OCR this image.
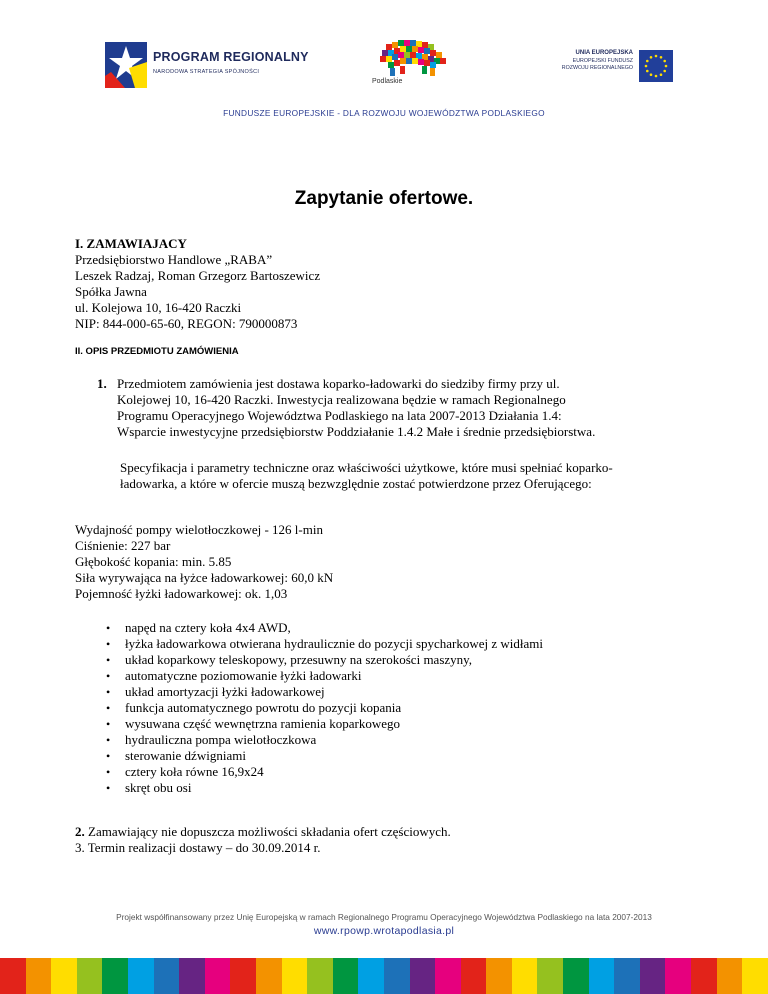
PROGRAM REGIONALNY
NARODOWA STRATEGIA SPÓJNOŚCI
Podlaskie
UNIA EUROPEJSKA
EUROPEJSKI FUNDUSZ
ROZWOJU REGIONALNEGO
FUNDUSZE EUROPEJSKIE - DLA ROZWOJU WOJEWÓDZTWA PODLASKIEGO
Zapytanie ofertowe.
I. ZAMAWIAJACY
Przedsiębiorstwo Handlowe „RABA”
Leszek Radzaj, Roman Grzegorz Bartoszewicz
Spółka Jawna
ul. Kolejowa 10, 16-420 Raczki
NIP: 844-000-65-60, REGON: 790000873
II. OPIS PRZEDMIOTU ZAMÓWIENIA
1. Przedmiotem zamówienia jest dostawa koparko-ładowarki do siedziby firmy przy ul.
Kolejowej 10, 16-420 Raczki. Inwestycja realizowana będzie w ramach Regionalnego
Programu Operacyjnego Województwa Podlaskiego na lata 2007-2013 Działania 1.4:
Wsparcie inwestycyjne przedsiębiorstw Poddziałanie 1.4.2 Małe i średnie przedsiębiorstwa.
Specyfikacja i parametry techniczne oraz właściwości użytkowe, które musi spełniać koparko-
ładowarka, a które w ofercie muszą bezwzględnie zostać potwierdzone przez Oferującego:
Wydajność pompy wielotłoczkowej - 126 l-min
Ciśnienie: 227 bar
Głębokość kopania: min. 5.85
Siła wyrywająca na łyżce ładowarkowej: 60,0 kN
Pojemność łyżki ładowarkowej: ok. 1,03
• napęd na cztery koła 4x4 AWD,
• łyżka ładowarkowa otwierana hydraulicznie do pozycji spycharkowej z widłami
• układ koparkowy teleskopowy, przesuwny na szerokości maszyny,
• automatyczne poziomowanie łyżki ładowarki
• układ amortyzacji łyżki ładowarkowej
• funkcja automatycznego powrotu do pozycji kopania
• wysuwana część wewnętrzna ramienia koparkowego
• hydrauliczna pompa wielotłoczkowa
• sterowanie dźwigniami
• cztery koła równe 16,9x24
• skręt obu osi
2. Zamawiający nie dopuszcza możliwości składania ofert częściowych.
3. Termin realizacji dostawy – do 30.09.2014 r.
Projekt współfinansowany przez Unię Europejską w ramach Regionalnego Programu Operacyjnego Województwa Podlaskiego na lata 2007-2013
www.rpowp.wrotapodlasia.pl
